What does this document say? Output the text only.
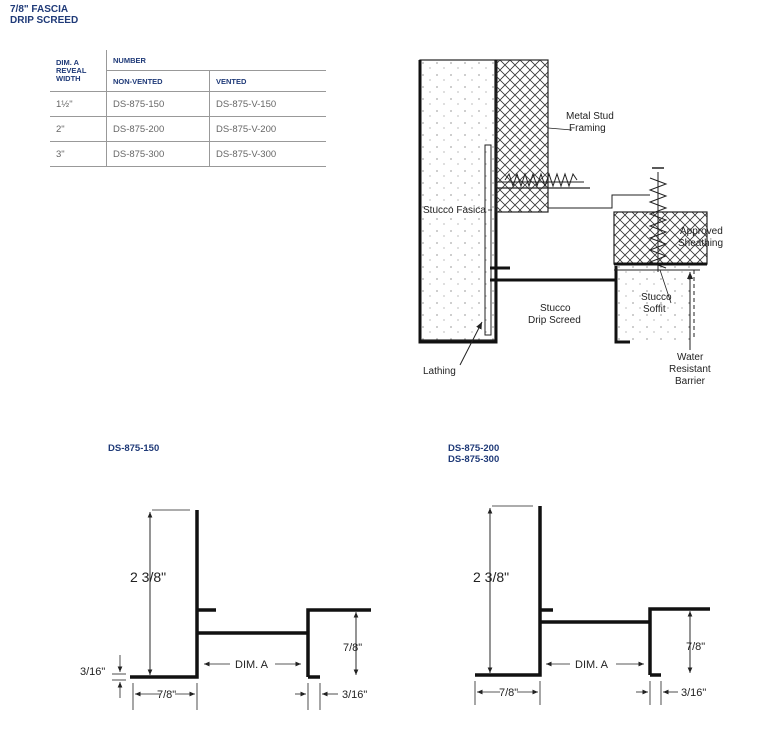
7/8" FASCIA
DRIP SCREED
DIM. A REVEAL WIDTH	NUMBER	
	NON-VENTED	VENTED
1½"	DS-875-150	DS-875-V-150
2"	DS-875-200	DS-875-V-200
3"	DS-875-300	DS-875-V-300
DS-875-150	DS-875-200
DS-875-300
Metal Stud Framing
Stucco Fasica
Approved Sheathing
Stucco Drip Screed
Stucco Soffit
Lathing
Water Resistant Barrier
2 3/8"
7/8"
DIM. A
7/8"
3/16"
3/16"
2 3/8"
7/8"
DIM. A
7/8"	3/16"
